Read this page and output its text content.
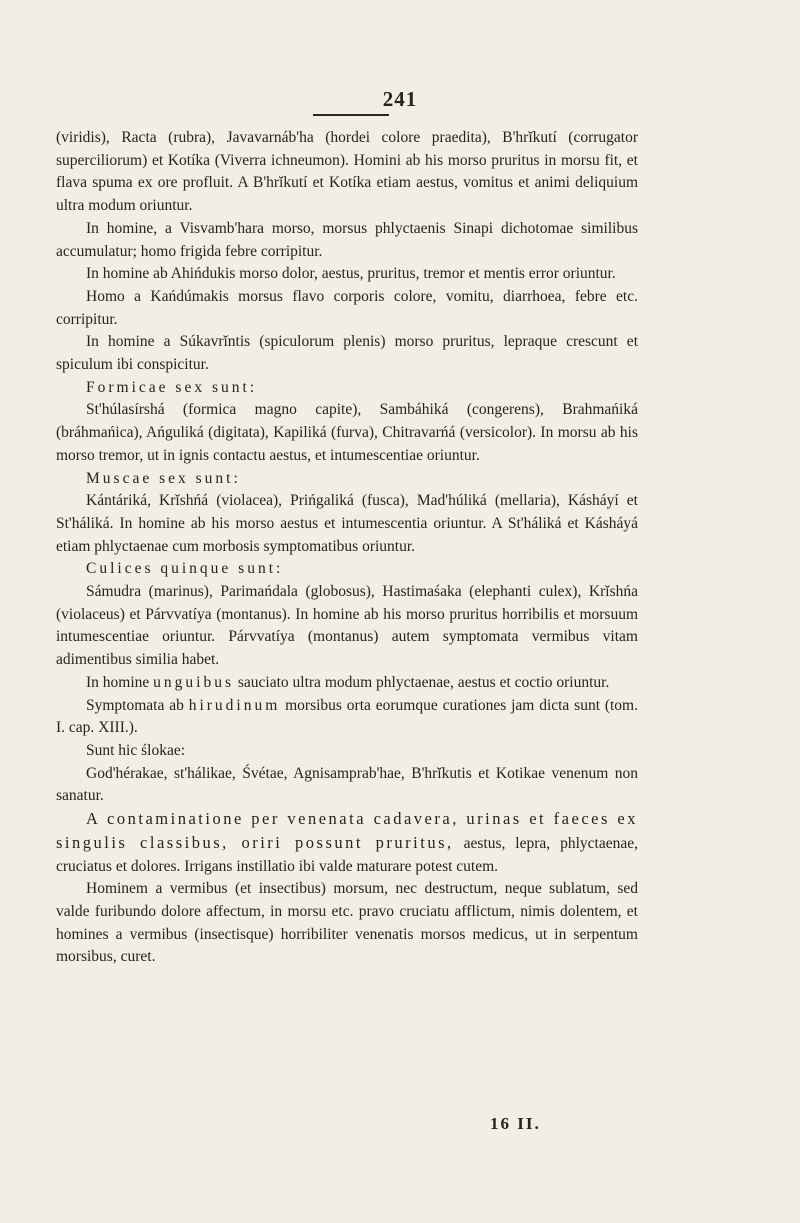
241

(viridis), Racta (rubra), Javavarnáb'ha (hordei colore praedita), B'hrĭkutí (corrugator superciliorum) et Kotíka (Viverra ichneumon). Homini ab his morso pruritus in morsu fit, et flava spuma ex ore profluit. A B'hrĭkutí et Kotíka etiam aestus, vomitus et animi deliquium ultra modum oriuntur.

In homine, a Visvamb'hara morso, morsus phlyctaenis Sinapi dichotomae similibus accumulatur; homo frigida febre corripitur.

In homine ab Ahińdukis morso dolor, aestus, pruritus, tremor et mentis error oriuntur.

Homo a Kańdúmakis morsus flavo corporis colore, vomitu, diarrhoea, febre etc. corripitur.

In homine a Súkavrĭntis (spiculorum plenis) morso pruritus, lepraque crescunt et spiculum ibi conspicitur.

Formicae sex sunt:

St'húlasírshá (formica magno capite), Sambáhiká (congerens), Brahmańiká (bráhmańica), Ańguliká (digitata), Kapiliká (furva), Chitravarńá (versicolor). In morsu ab his morso tremor, ut in ignis contactu aestus, et intumescentiae oriuntur.

Muscae sex sunt:

Kántáriká, Krĭshńá (violacea), Prińgaliká (fusca), Mad'húliká (mellaria), Kásháyí et St'háliká. In homine ab his morso aestus et intumescentia oriuntur. A St'háliká et Kásháyá etiam phlyctaenae cum morbosis symptomatibus oriuntur.

Culices quinque sunt:

Sámudra (marinus), Parimańdala (globosus), Hastimaśaka (elephanti culex), Krĭshńa (violaceus) et Párvvatíya (montanus). In homine ab his morso pruritus horribilis et morsuum intumescentiae oriuntur. Párvvatíya (montanus) autem symptomata vermibus vitam adimentibus similia habet.

In homine unguibus sauciato ultra modum phlyctaenae, aestus et coctio oriuntur.

Symptomata ab hirudinum morsibus orta eorumque curationes jam dicta sunt (tom. I. cap. XIII.).

Sunt hic ślokae:

God'hérakae, st'hálikae, Śvétae, Agnisamprab'hae, B'hrĭkutis et Kotikae venenum non sanatur.

A contaminatione per venenata cadavera, urinas et faeces ex singulis classibus, oriri possunt pruritus, aestus, lepra, phlyctaenae, cruciatus et dolores. Irrigans instillatio ibi valde maturare potest cutem.

Hominem a vermibus (et insectibus) morsum, nec destructum, neque sublatum, sed valde furibundo dolore affectum, in morsu etc. pravo cruciatu afflictum, nimis dolentem, et homines a vermibus (insectisque) horribiliter venenatis morsos medicus, ut in serpentum morsibus, curet.

16 II.
